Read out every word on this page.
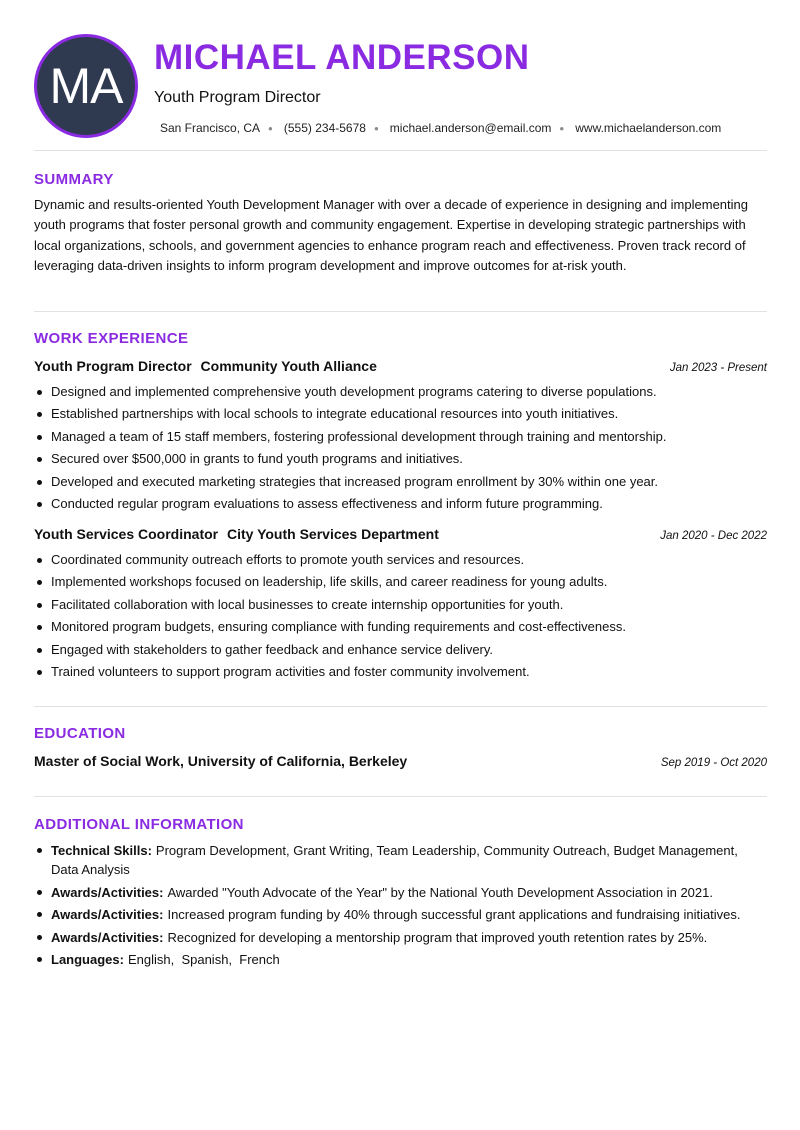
MA
MICHAEL ANDERSON
Youth Program Director
San Francisco, CA ● (555) 234-5678 ● michael.anderson@email.com ● www.michaelanderson.com
SUMMARY

Dynamic and results-oriented Youth Development Manager with over a decade of experience in designing and implementing youth programs that foster personal growth and community engagement. Expertise in developing strategic partnerships with local organizations, schools, and government agencies to enhance program reach and effectiveness. Proven track record of leveraging data-driven insights to inform program development and improve outcomes for at-risk youth.

WORK EXPERIENCE
Youth Program Director Community Youth Alliance	Jan 2023 - Present
Designed and implemented comprehensive youth development programs catering to diverse populations.
Established partnerships with local schools to integrate educational resources into youth initiatives.
Managed a team of 15 staff members, fostering professional development through training and mentorship.
Secured over $500,000 in grants to fund youth programs and initiatives.
Developed and executed marketing strategies that increased program enrollment by 30% within one year.
Conducted regular program evaluations to assess effectiveness and inform future programming.
Youth Services Coordinator City Youth Services Department	Jan 2020 - Dec 2022
Coordinated community outreach efforts to promote youth services and resources.
Implemented workshops focused on leadership, life skills, and career readiness for young adults.
Facilitated collaboration with local businesses to create internship opportunities for youth.
Monitored program budgets, ensuring compliance with funding requirements and cost-effectiveness.
Engaged with stakeholders to gather feedback and enhance service delivery.
Trained volunteers to support program activities and foster community involvement.
EDUCATION
Master of Social Work, University of California, Berkeley	Sep 2019 - Oct 2020
ADDITIONAL INFORMATION
Technical Skills: Program Development, Grant Writing, Team Leadership, Community Outreach, Budget Management, Data Analysis
Awards/Activities: Awarded "Youth Advocate of the Year" by the National Youth Development Association in 2021.
Awards/Activities: Increased program funding by 40% through successful grant applications and fundraising initiatives.
Awards/Activities: Recognized for developing a mentorship program that improved youth retention rates by 25%.
Languages: English,  Spanish,  French
